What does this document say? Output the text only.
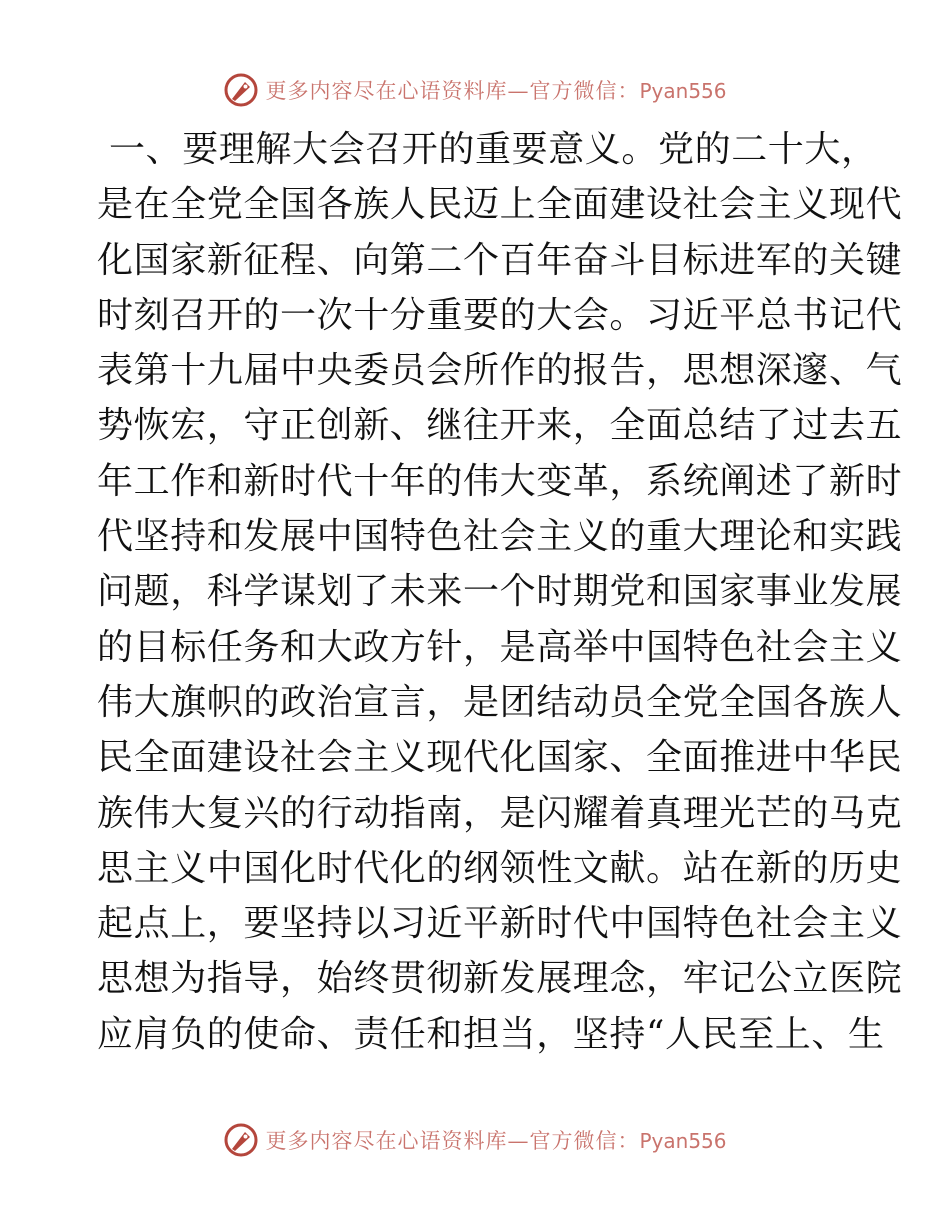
更多内容尽在心语资料库—官方微信：Pyan556
一、要理解大会召开的重要意义。党的二十大，
是在全党全国各族人民迈上全面建设社会主义现代
化国家新征程、向第二个百年奋斗目标进军的关键
时刻召开的一次十分重要的大会。习近平总书记代
表第十九届中央委员会所作的报告，思想深邃、气
势恢宏，守正创新、继往开来，全面总结了过去五
年工作和新时代十年的伟大变革，系统阐述了新时
代坚持和发展中国特色社会主义的重大理论和实践
问题，科学谋划了未来一个时期党和国家事业发展
的目标任务和大政方针，是高举中国特色社会主义
伟大旗帜的政治宣言，是团结动员全党全国各族人
民全面建设社会主义现代化国家、全面推进中华民
族伟大复兴的行动指南，是闪耀着真理光芒的马克
思主义中国化时代化的纲领性文献。站在新的历史
起点上，要坚持以习近平新时代中国特色社会主义
思想为指导，始终贯彻新发展理念，牢记公立医院
应肩负的使命、责任和担当，坚持“人民至上、生
更多内容尽在心语资料库—官方微信：Pyan556
